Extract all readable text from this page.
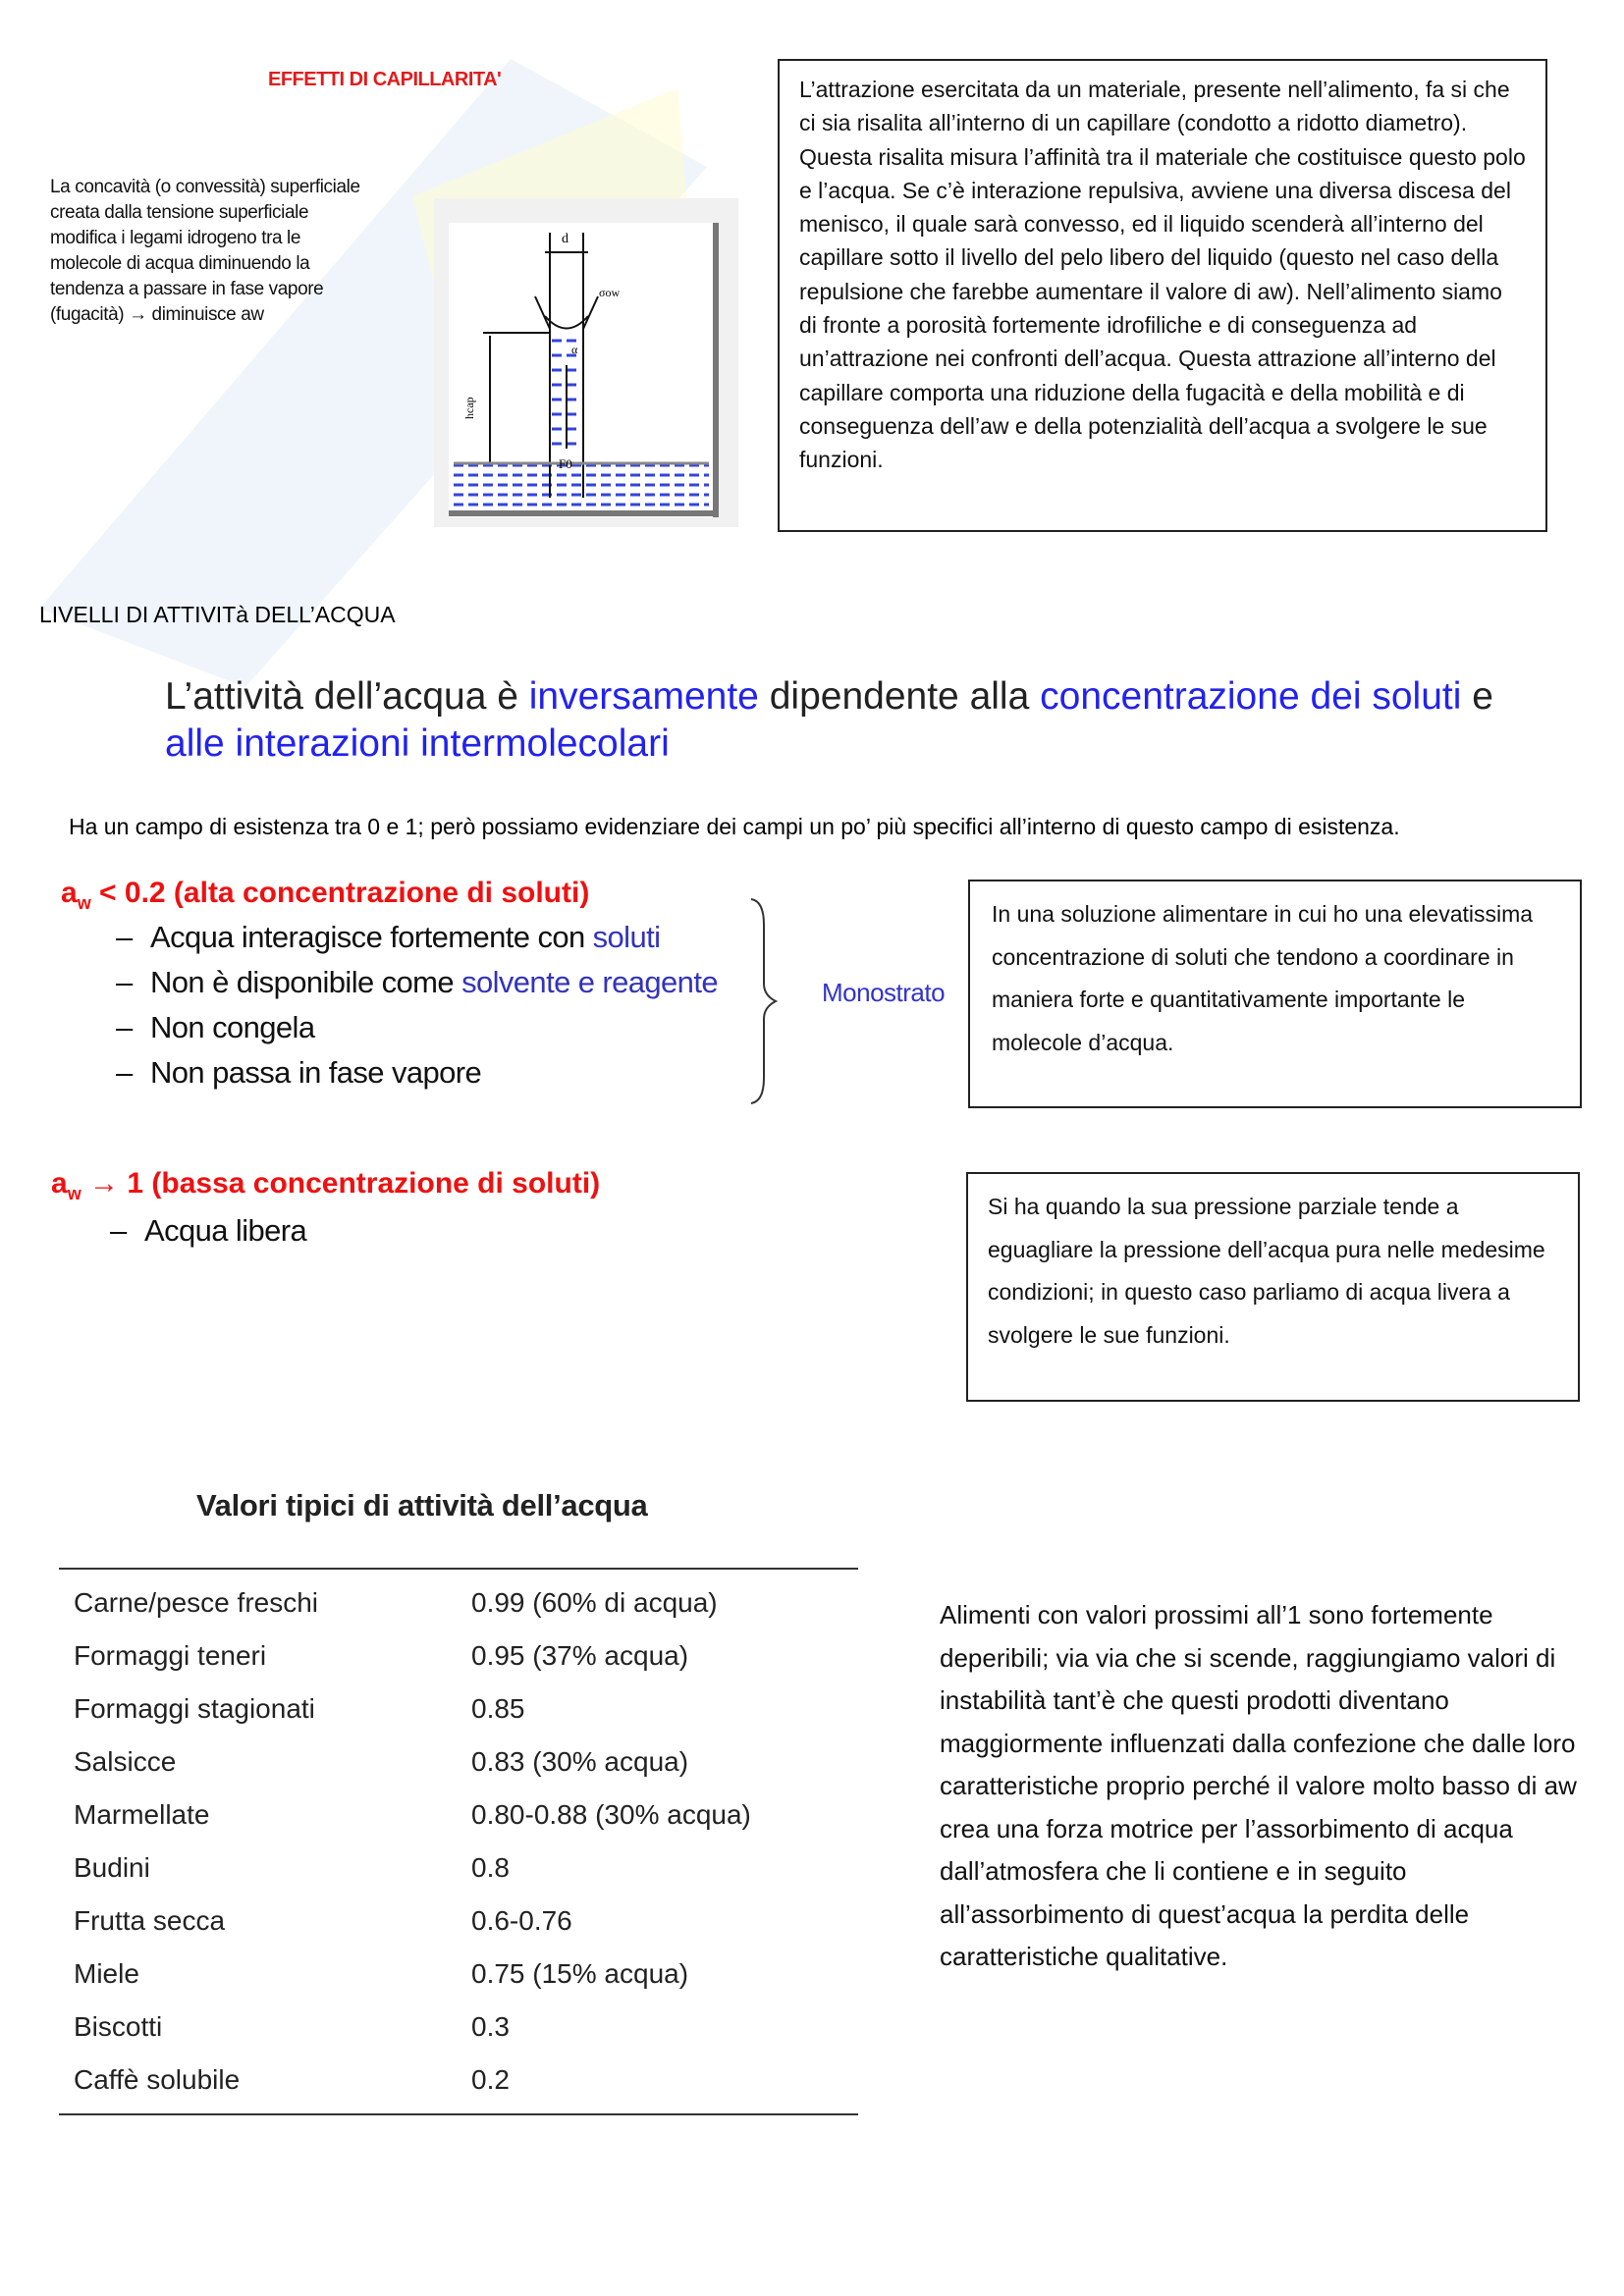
EFFETTI DI CAPILLARITA'
La concavità (o convessità) superficiale creata dalla tensione superficiale modifica i legami idrogeno tra le molecole di acqua diminuendo la tendenza a passare in fase vapore (fugacità) → diminuisce aw
d
σow
α
hcap
F0
L’attrazione esercitata da un materiale, presente nell’alimento, fa si che ci sia risalita all’interno di un capillare (condotto a ridotto diametro). Questa risalita misura l’affinità tra il materiale che costituisce questo polo e l’acqua. Se c’è interazione repulsiva, avviene una diversa discesa del menisco, il quale sarà convesso, ed il liquido scenderà all’interno del capillare sotto il livello del pelo libero del liquido (questo nel caso della repulsione che farebbe aumentare il valore di aw). Nell’alimento siamo di fronte a porosità fortemente idrofiliche e di conseguenza ad un’attrazione nei confronti dell’acqua. Questa attrazione all’interno del capillare comporta una riduzione della fugacità e della mobilità e di conseguenza dell’aw e della potenzialità dell’acqua a svolgere le sue funzioni.
LIVELLI DI ATTIVITà DELL’ACQUA
L’attività dell’acqua è inversamente dipendente alla concentrazione dei soluti e alle interazioni intermolecolari
Ha un campo di esistenza tra 0 e 1; però possiamo evidenziare dei campi un po’ più specifici all’interno di questo campo di esistenza.
$a_w < 0.2$ (alta concentrazione di soluti)
– Acqua interagisce fortemente con soluti
– Non è disponibile come solvente e reagente
– Non congela
– Non passa in fase vapore
Monostrato
In una soluzione alimentare in cui ho una elevatissima concentrazione di soluti che tendono a coordinare in maniera forte e quantitativamente importante le molecole d’acqua.
$a_w \to 1$ (bassa concentrazione di soluti)
– Acqua libera
Si ha quando la sua pressione parziale tende a eguagliare la pressione dell’acqua pura nelle medesime condizioni; in questo caso parliamo di acqua livera a svolgere le sue funzioni.
Valori tipici di attività dell’acqua
Carne/pesce freschi	0.99 (60% di acqua)
Formaggi teneri	0.95 (37% acqua)
Formaggi stagionati	0.85
Salsicce	0.83 (30% acqua)
Marmellate	0.80-0.88 (30% acqua)
Budini	0.8
Frutta secca	0.6-0.76
Miele	0.75 (15% acqua)
Biscotti	0.3
Caffè solubile	0.2
Alimenti con valori prossimi all’1 sono fortemente deperibili; via via che si scende, raggiungiamo valori di instabilità tant’è che questi prodotti diventano maggiormente influenzati dalla confezione che dalle loro caratteristiche proprio perché il valore molto basso di aw crea una forza motrice per l’assorbimento di acqua dall’atmosfera che li contiene e in seguito all’assorbimento di quest’acqua la perdita delle caratteristiche qualitative.
